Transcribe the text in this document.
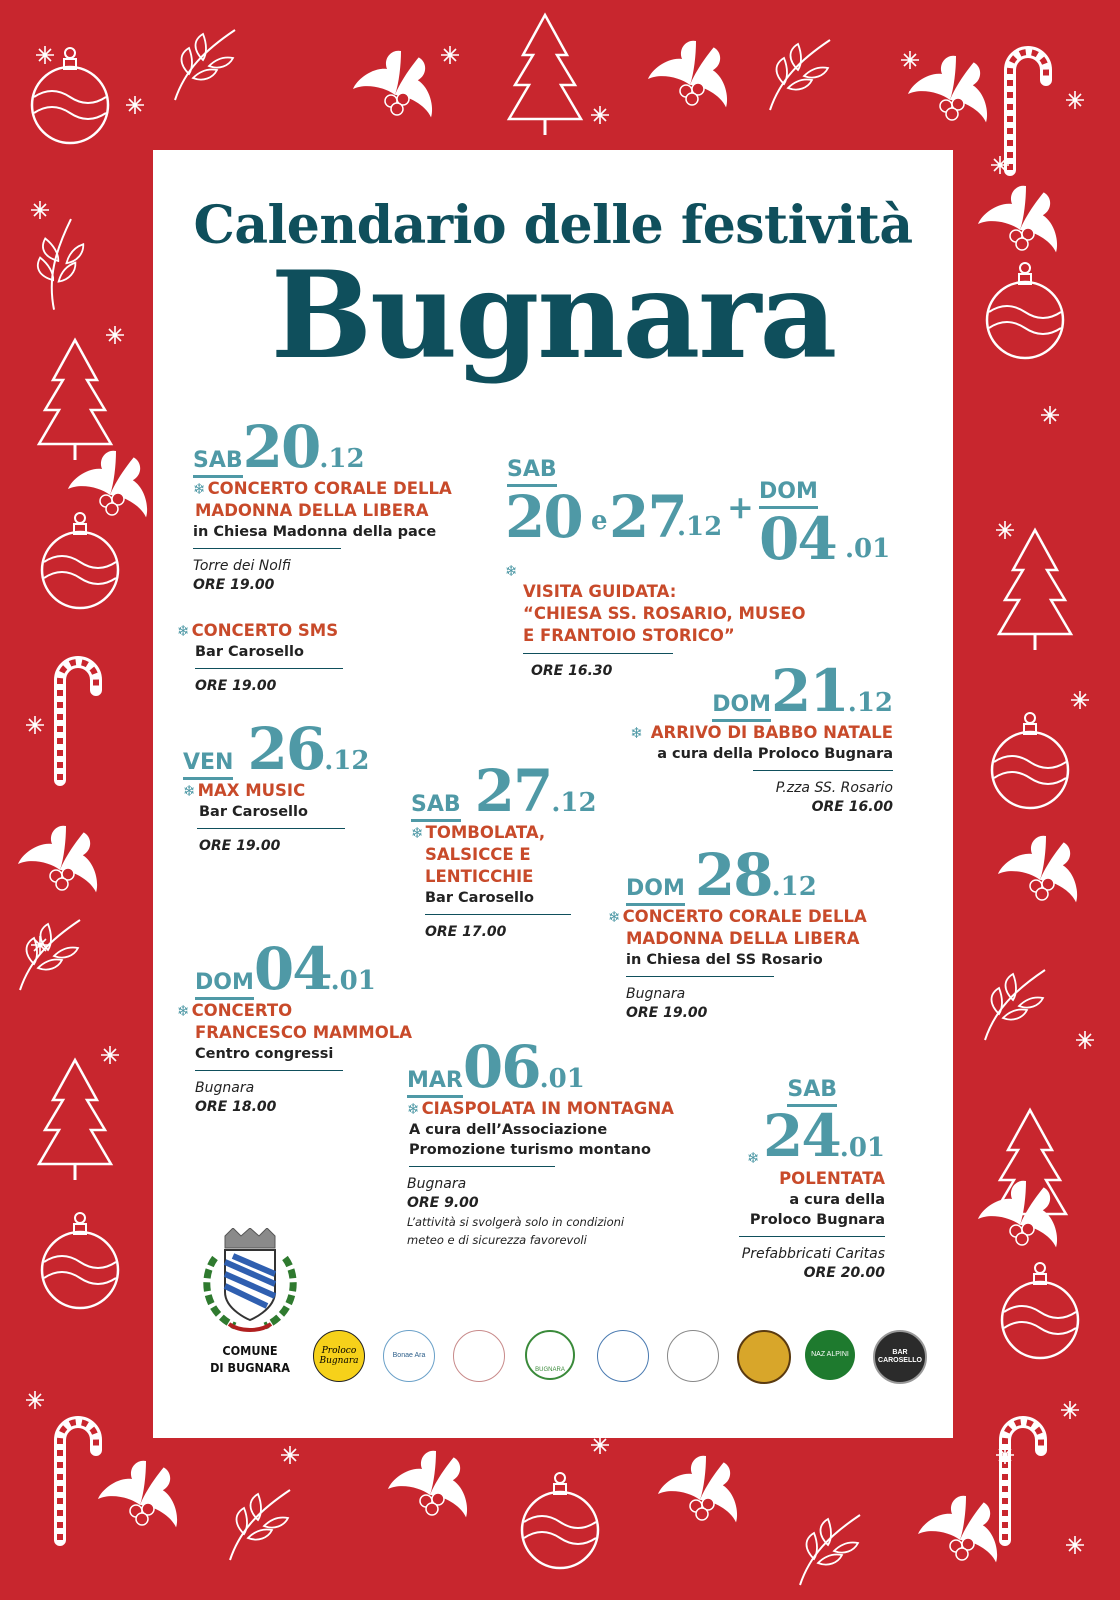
Calendario delle festività
Bugnara
SAB20.12
❄ CONCERTO CORALE DELLA
MADONNA DELLA LIBERA
in Chiesa Madonna della pace
Torre dei Nolfi
ORE 19.00
❄ CONCERTO SMS
Bar Carosello
ORE 19.00
SAB
20 e 27
.12
+ DOM
04 .01
❄
VISITA GUIDATA:
“CHIESA SS. ROSARIO, MUSEO
E FRANTOIO STORICO”
ORE 16.30
DOM21.12
❄ ARRIVO DI BABBO NATALE
a cura della Proloco Bugnara
P.zza SS. Rosario
ORE 16.00
VEN 26.12
❄ MAX MUSIC
Bar Carosello
ORE 19.00
SAB 27.12
❄ TOMBOLATA,
SALSICCE E
LENTICCHIE
Bar Carosello
ORE 17.00
DOM 28.12
❄ CONCERTO CORALE DELLA
MADONNA DELLA LIBERA
in Chiesa del SS Rosario
Bugnara
ORE 19.00
DOM04.01
❄ CONCERTO
FRANCESCO MAMMOLA
Centro congressi
Bugnara
ORE 18.00
MAR06.01
❄ CIASPOLATA IN MONTAGNA
A cura dell’Associazione
Promozione turismo montano
Bugnara
ORE 9.00
L’attività si svolgerà solo in condizioni
meteo e di sicurezza favorevoli
SAB
24.01
❄
POLENTATA
a cura della
Proloco Bugnara
Prefabbricati Caritas
ORE 20.00
COMUNE
DI BUGNARA
Proloco Bugnara
Bonae Ara
BUGNARA
NAZ ALPINI	BAR CAROSELLO
